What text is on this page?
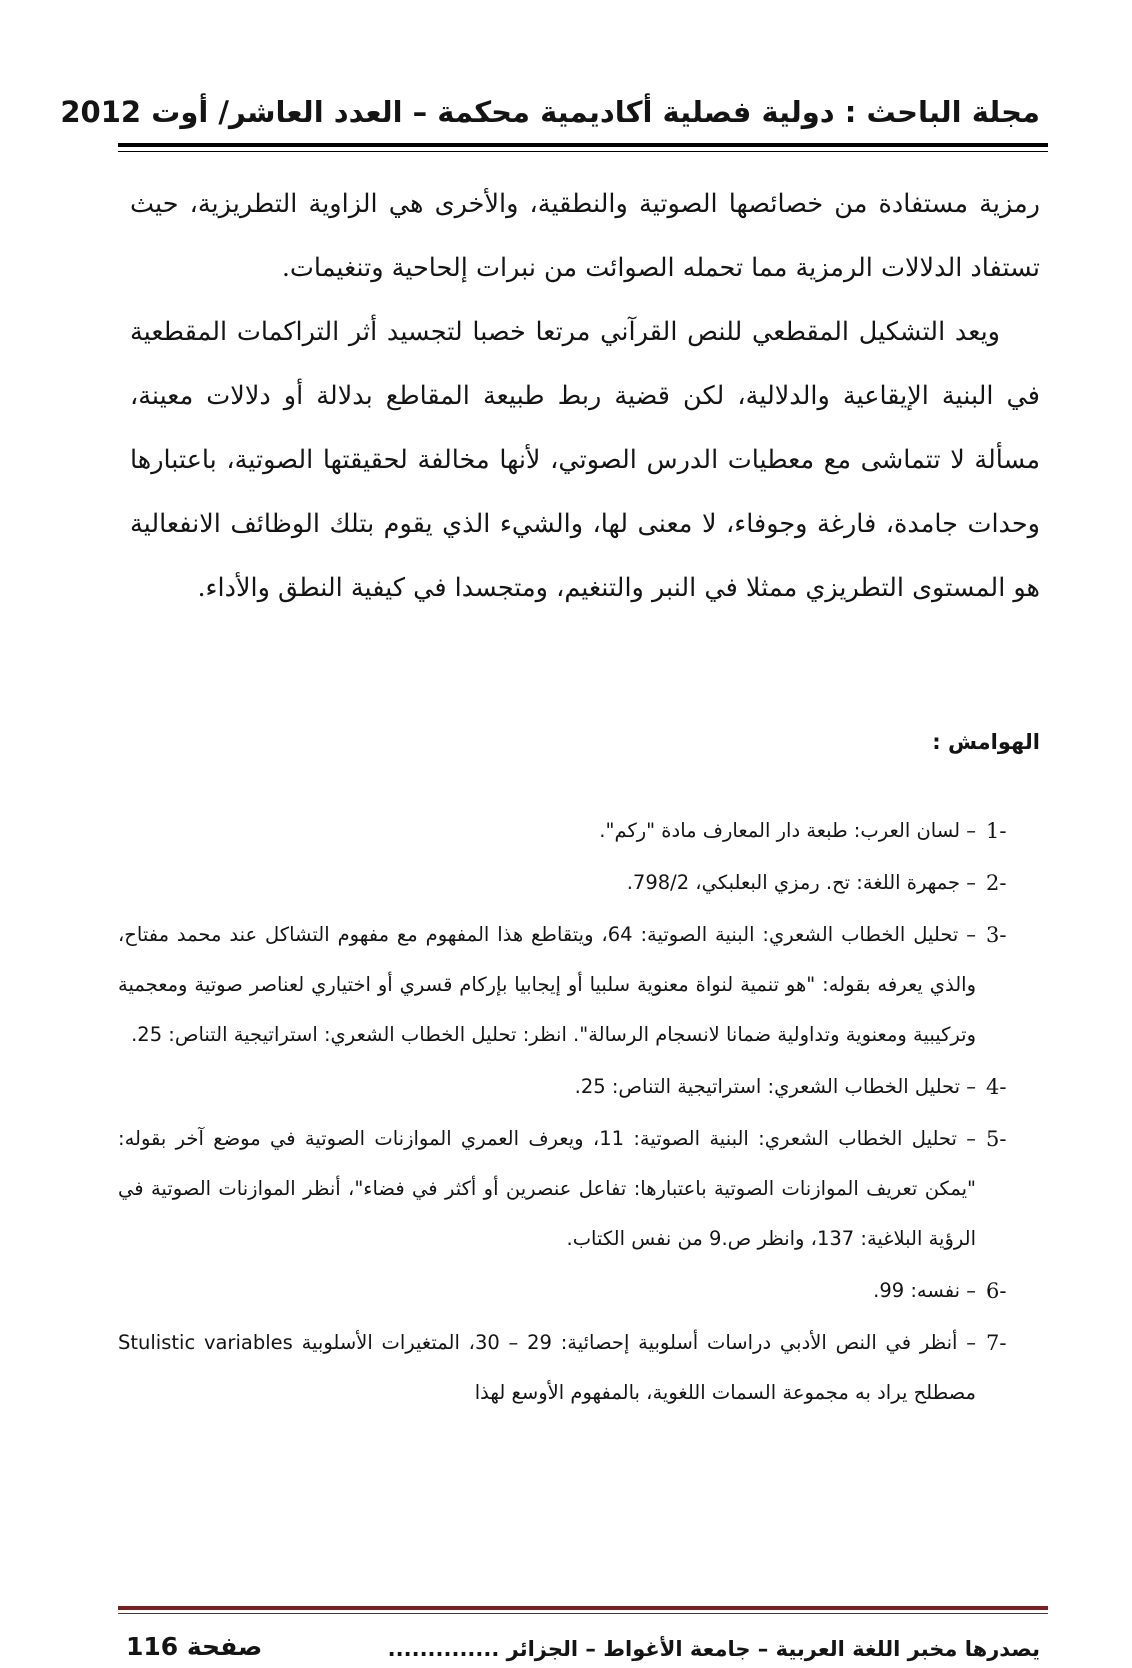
مجلة الباحث : دولية فصلية أكاديمية محكمة – العدد العاشر/ أوت 2012

رمزية مستفادة من خصائصها الصوتية والنطقية، والأخرى هي الزاوية التطريزية، حيث تستفاد الدلالات الرمزية مما تحمله الصوائت من نبرات إلحاحية وتنغيمات.

ويعد التشكيل المقطعي للنص القرآني مرتعا خصبا لتجسيد أثر التراكمات المقطعية في البنية الإيقاعية والدلالية، لكن قضية ربط طبيعة المقاطع بدلالة أو دلالات معينة، مسألة لا تتماشى مع معطيات الدرس الصوتي، لأنها مخالفة لحقيقتها الصوتية، باعتبارها وحدات جامدة، فارغة وجوفاء، لا معنى لها، والشيء الذي يقوم بتلك الوظائف الانفعالية هو المستوى التطريزي ممثلا في النبر والتنغيم، ومتجسدا في كيفية النطق والأداء.

الهوامش :
-1
– لسان العرب: طبعة دار المعارف مادة "ركم".
-2
– جمهرة اللغة: تح. رمزي البعلبكي، 798/2.
-3
– تحليل الخطاب الشعري: البنية الصوتية: 64، ويتقاطع هذا المفهوم مع مفهوم التشاكل عند محمد مفتاح، والذي يعرفه بقوله: "هو تنمية لنواة معنوية سلبيا أو إيجابيا بإركام قسري أو اختياري لعناصر صوتية ومعجمية وتركيبية ومعنوية وتداولية ضمانا لانسجام الرسالة". انظر: تحليل الخطاب الشعري: استراتيجية التناص: 25.
-4
– تحليل الخطاب الشعري: استراتيجية التناص: 25.
-5
– تحليل الخطاب الشعري: البنية الصوتية: 11، ويعرف العمري الموازنات الصوتية في موضع آخر بقوله: "يمكن تعريف الموازنات الصوتية باعتبارها: تفاعل عنصرين أو أكثر في فضاء"، أنظر الموازنات الصوتية في الرؤية البلاغية: 137، وانظر ص.9 من نفس الكتاب.
-6
– نفسه: 99.
-7
– أنظر في النص الأدبي دراسات أسلوبية إحصائية: 29 – 30، المتغيرات الأسلوبية Stulistic variables مصطلح يراد به مجموعة السمات اللغوية، بالمفهوم الأوسع لهذا
يصدرها مخبر اللغة العربية – جامعة الأغواط – الجزائر ..............
صفحة 116
